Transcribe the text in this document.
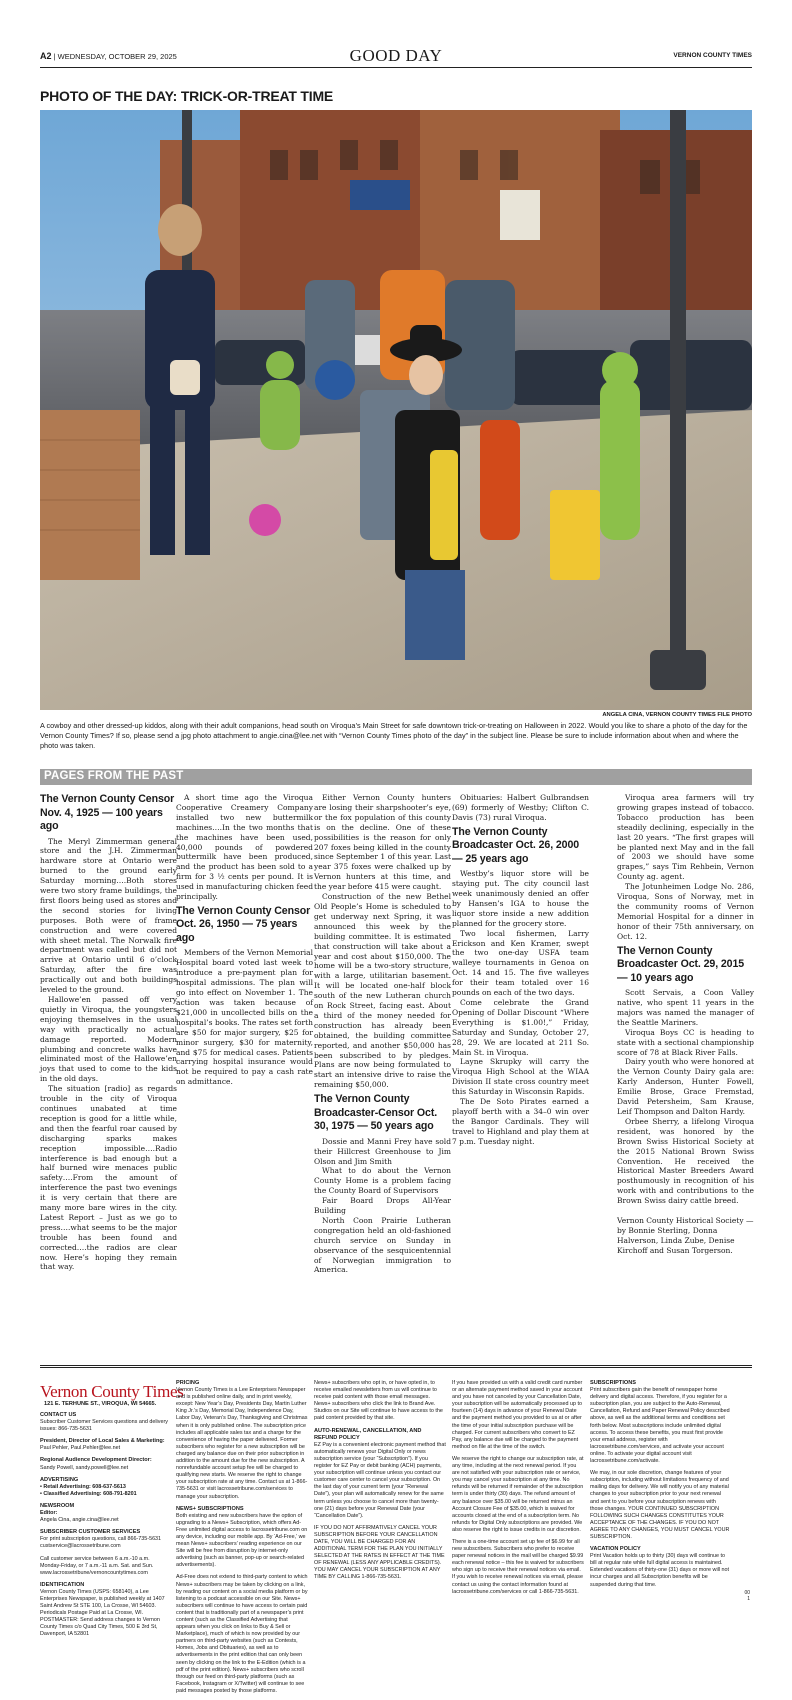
A2 | WEDNESDAY, OCTOBER 29, 2025	GOOD DAY	VERNON COUNTY TIMES
PHOTO OF THE DAY: TRICK-OR-TREAT TIME
ANGELA CINA, VERNON COUNTY TIMES FILE PHOTO
A cowboy and other dressed-up kiddos, along with their adult companions, head south on Viroqua’s Main Street for safe downtown trick-or-treating on Halloween in 2022. Would you like to share a photo of the day for the Vernon County Times? If so, please send a jpg photo attachment to angie.cina@lee.net with “Vernon County Times photo of the day” in the subject line. Please be sure to include information about when and where the photo was taken.
PAGES FROM THE PAST
The Vernon County Censor Nov. 4, 1925 — 100 years ago

The Meryl Zimmerman general store and the J.H. Zimmerman hardware store at Ontario were burned to the ground early Saturday morning….Both stores were two story frame buildings, the first floors being used as stores and the second stories for living purposes. Both were of frame construction and were covered with sheet metal. The Norwalk fire department was called but did not arrive at Ontario until 6 o’clock Saturday, after the fire was practically out and both buildings leveled to the ground.

Hallowe’en passed off very quietly in Viroqua, the youngsters enjoying themselves in the usual way with practically no actual damage reported. Modern plumbing and concrete walks have eliminated most of the Hallowe’en joys that used to come to the kids in the old days.

The situation [radio] as regards trouble in the city of Viroqua continues unabated at time reception is good for a little while, and then the fearful roar caused by discharging sparks makes reception impossible….Radio interference is bad enough but a half burned wire menaces public safety….From the amount of interference the past two evenings it is very certain that there are many more bare wires in the city. Latest Report – Just as we go to press….what seems to be the major trouble has been found and corrected….the radios are clear now. Here’s hoping they remain that way.

A short time ago the Viroqua Cooperative Creamery Company installed two new buttermilk machines….In the two months that the machines have been used, 40,000 pounds of powdered buttermilk have been produced, and the product has been sold to a firm for 3 ½ cents per pound. It is used in manufacturing chicken feed principally.

The Vernon County Censor Oct. 26, 1950 — 75 years ago

Members of the Vernon Memorial Hospital board voted last week to introduce a pre-payment plan for hospital admissions. The plan will go into effect on November 1. The action was taken because of $21,000 in uncollected bills on the hospital’s books. The rates set forth are $50 for major surgery, $25 for minor surgery, $30 for maternity, and $75 for medical cases. Patients carrying hospital insurance would not be required to pay a cash rate on admittance.

Either Vernon County hunters are losing their sharpshooter’s eye, or the fox population of this county is on the decline. One of these possibilities is the reason for only 207 foxes being killed in the county since September 1 of this year. Last year 375 foxes were chalked up by Vernon hunters at this time, and the year before 415 were caught.

Construction of the new Bethel Old People’s Home is scheduled to get underway next Spring, it was announced this week by the building committee. It is estimated that construction will take about a year and cost about $150,000. The home will be a two-story structure, with a large, utilitarian basement. It will be located one-half block south of the new Lutheran church on Rock Street, facing east. About a third of the money needed for construction has already been obtained, the building committee reported, and another $50,000 has been subscribed to by pledges. Plans are now being formulated to start an intensive drive to raise the remaining $50,000.

The Vernon County Broadcaster-Censor Oct. 30, 1975 — 50 years ago

Dossie and Manni Frey have sold their Hillcrest Greenhouse to Jim Olson and Jim Smith

What to do about the Vernon County Home is a problem facing the County Board of Supervisors

Fair Board Drops All-Year Building

North Coon Prairie Lutheran congregation held an old-fashioned church service on Sunday in observance of the sesquicentennial of Norwegian immigration to America.

Obituaries: Halbert Gulbrandsen (69) formerly of Westby; Clifton C. Davis (73) rural Viroqua.

The Vernon County Broadcaster Oct. 26, 2000 — 25 years ago

Westby’s liquor store will be staying put. The city council last week unanimously denied an offer by Hansen’s IGA to house the liquor store inside a new addition planned for the grocery store.

Two local fishermen, Larry Erickson and Ken Kramer, swept the two one-day USFA team walleye tournaments in Genoa on Oct. 14 and 15. The five walleyes for their team totaled over 16 pounds on each of the two days.

Come celebrate the Grand Opening of Dollar Discount “Where Everything is $1.00!,” Friday, Saturday and Sunday, October 27, 28, 29. We are located at 211 So. Main St. in Viroqua.

Layne Skrupky will carry the Viroqua High School at the WIAA Division II state cross country meet this Saturday in Wisconsin Rapids.

The De Soto Pirates earned a playoff berth with a 34–0 win over the Bangor Cardinals. They will travel to Highland and play them at 7 p.m. Tuesday night.

Viroqua area farmers will try growing grapes instead of tobacco. Tobacco production has been steadily declining, especially in the last 20 years. “The first grapes will be planted next May and in the fall of 2003 we should have some grapes,” says Tim Rehbein, Vernon County ag. agent.

The Jotunheimen Lodge No. 286, Viroqua, Sons of Norway, met in the community rooms of Vernon Memorial Hospital for a dinner in honor of their 75th anniversary, on Oct. 12.

The Vernon County Broadcaster Oct. 29, 2015 — 10 years ago

Scott Servais, a Coon Valley native, who spent 11 years in the majors was named the manager of the Seattle Mariners.

Viroqua Boys CC is heading to state with a sectional championship score of 78 at Black River Falls.

Dairy youth who were honored at the Vernon County Dairy gala are: Karly Anderson, Hunter Fowell, Emilie Brose, Grace Fremstad, David Petersheim, Sam Krause, Leif Thompson and Dalton Hardy.

Orbee Sherry, a lifelong Viroqua resident, was honored by the Brown Swiss Historical Society at the 2015 National Brown Swiss Convention. He received the Historical Master Breeders Award posthumously in recognition of his work with and contributions to the Brown Swiss dairy cattle breed.

Vernon County Historical Society — by Bonnie Sterling, Donna Halverson, Linda Zube, Denise Kirchoff and Susan Torgerson.

Vernon County Times
121 E. TERHUNE ST., VIROQUA, WI 54665.
CONTACT US

Subscriber Customer Services questions and delivery issues: 866-735-5631

President, Director of Local Sales & Marketing:

Paul Pehler, Paul.Pehler@lee.net

Regional Audience Development Director:

Sandy Powell, sandy.powell@lee.net

ADVERTISING
• Retail Advertising: 608-637-5613

• Classified Advertising: 608-791-8201

NEWSROOM
Editor:

Angela Cina, angie.cina@lee.net

SUBSCRIBER CUSTOMER SERVICES

For print subscription questions, call 866-735-5631 custservice@lacrossetribune.com

Call customer service between 6 a.m.-10 a.m. Monday-Friday, or 7 a.m.-11 a.m. Sat. and Sun. www.lacrossetribune/vernoncountytimes.com

IDENTIFICATION

Vernon County Times (USPS: 658140), a Lee Enterprises Newspaper, is published weekly at 1407 Saint Andrew St STE 100, La Crosse, WI 54603. Periodicals Postage Paid at La Crosse, WI. POSTMASTER: Send address changes to Vernon County Times c/o Quad City Times, 500 E 3rd St, Davenport, IA 52801

PRICING

Vernon County Times is a Lee Enterprises Newspaper and is published online daily, and in print weekly, except: New Year’s Day, Presidents Day, Martin Luther King Jr.’s Day, Memorial Day, Independence Day, Labor Day, Veteran’s Day, Thanksgiving and Christmas when it is only published online. The subscription price includes all applicable sales tax and a charge for the convenience of having the paper delivered. Former subscribers who register for a new subscription will be charged any balance due on their prior subscription in addition to the amount due for the new subscription. A nonrefundable account setup fee will be charged to qualifying new starts. We reserve the right to change your subscription rate at any time. Contact us at 1-866-735-5631 or visit lacrossetribune.com/services to manage your subscription.

NEWS+ SUBSCRIPTIONS

Both existing and new subscribers have the option of upgrading to a News+ Subscription, which offers Ad-Free unlimited digital access to lacrossetribune.com on any device, including our mobile app. By ‘Ad-Free,’ we mean News+ subscribers’ reading experience on our Site will be free from disruption by internet-only advertising (such as banner, pop-up or search-related advertisements).

Ad-Free does not extend to third-party content to which News+ subscribers may be taken by clicking on a link, by reading our content on a social media platform or by listening to a podcast accessible on our Site. News+ subscribers will continue to have access to certain paid content that is traditionally part of a newspaper’s print content (such as the Classified Advertising that appears when you click on links to Buy & Sell or Marketplace), much of which is now provided by our partners on third-party websites (such as Contests, Homes, Jobs and Obituaries), as well as to advertisements in the print edition that can only been seen by clicking on the link to the E-Edition (which is a pdf of the print edition). News+ subscribers who scroll through our feed on third-party platforms (such as Facebook, Instagram or X/Twitter) will continue to see paid messages posted by those platforms.

News+ subscribers who opt in, or have opted in, to receive emailed newsletters from us will continue to receive paid content with those email messages. News+ subscribers who click the link to Brand Ave. Studios on our Site will continue to have access to the paid content provided by that site.

AUTO-RENEWAL, CANCELLATION, AND REFUND POLICY

EZ Pay is a convenient electronic payment method that automatically renews your Digital Only or news subscription service (your “Subscription”). If you register for EZ Pay or debit banking (ACH) payments, your subscription will continue unless you contact our customer care center to cancel your subscription. On the last day of your current term (your “Renewal Date”), your plan will automatically renew for the same term unless you choose to cancel more than twenty-one (21) days before your Renewal Date (your “Cancellation Date”).

IF YOU DO NOT AFFIRMATIVELY CANCEL YOUR SUBSCRIPTION BEFORE YOUR CANCELLATION DATE, YOU WILL BE CHARGED FOR AN ADDITIONAL TERM FOR THE PLAN YOU INITIALLY SELECTED AT THE RATES IN EFFECT AT THE TIME OF RENEWAL (LESS ANY APPLICABLE CREDITS). YOU MAY CANCEL YOUR SUBSCRIPTION AT ANY TIME BY CALLING 1-866-735-5631.

If you have provided us with a valid credit card number or an alternate payment method saved in your account and you have not canceled by your Cancellation Date, your subscription will be automatically processed up to fourteen (14) days in advance of your Renewal Date and the payment method you provided to us at or after the time of your initial subscription purchase will be charged. For current subscribers who convert to EZ Pay, any balance due will be charged to the payment method on file at the time of the switch.

We reserve the right to change our subscription rate, at any time, including at the next renewal period. If you are not satisfied with your subscription rate or service, you may cancel your subscription at any time. No refunds will be returned if remainder of the subscription term is under thirty (30) days. The refund amount of any balance over $35.00 will be returned minus an Account Closure Fee of $35.00, which is waived for accounts closed at the end of a subscription term. No refunds for Digital Only subscriptions are provided. We also reserve the right to issue credits in our discretion.

There is a one-time account set up fee of $6.99 for all new subscribers. Subscribers who prefer to receive paper renewal notices in the mail will be charged $9.99 each renewal notice – this fee is waived for subscribers who sign up to receive their renewal notices via email. If you wish to receive renewal notices via email, please contact us using the contact information found at lacrossetribune.com/services or call 1-866-735-5631.

SUBSCRIPTIONS

Print subscribers gain the benefit of newspaper home delivery and digital access. Therefore, if you register for a subscription plan, you are subject to the Auto-Renewal, Cancellation, Refund and Paper Renewal Policy described above, as well as the additional terms and conditions set forth below. Most subscriptions include unlimited digital access. To access these benefits, you must first provide your email address, register with lacrossetribune.com/services, and activate your account online. To activate your digital account visit lacrossetribune.com/activate.

We may, in our sole discretion, change features of your subscription, including without limitations frequency of and mailing days for delivery. We will notify you of any material changes to your subscription prior to your next renewal and sent to you before your subscription renews with those changes. YOUR CONTINUED SUBSCRIPTION FOLLOWING SUCH CHANGES CONSTITUTES YOUR ACCEPTANCE OF THE CHANGES. IF YOU DO NOT AGREE TO ANY CHANGES, YOU MUST CANCEL YOUR SUBSCRIPTION.

VACATION POLICY

Print Vacation holds up to thirty (30) days will continue to bill at regular rate while full digital access is maintained. Extended vacations of thirty-one (31) days or more will not incur charges and all Subscription benefits will be suspended during that time.

00
1
